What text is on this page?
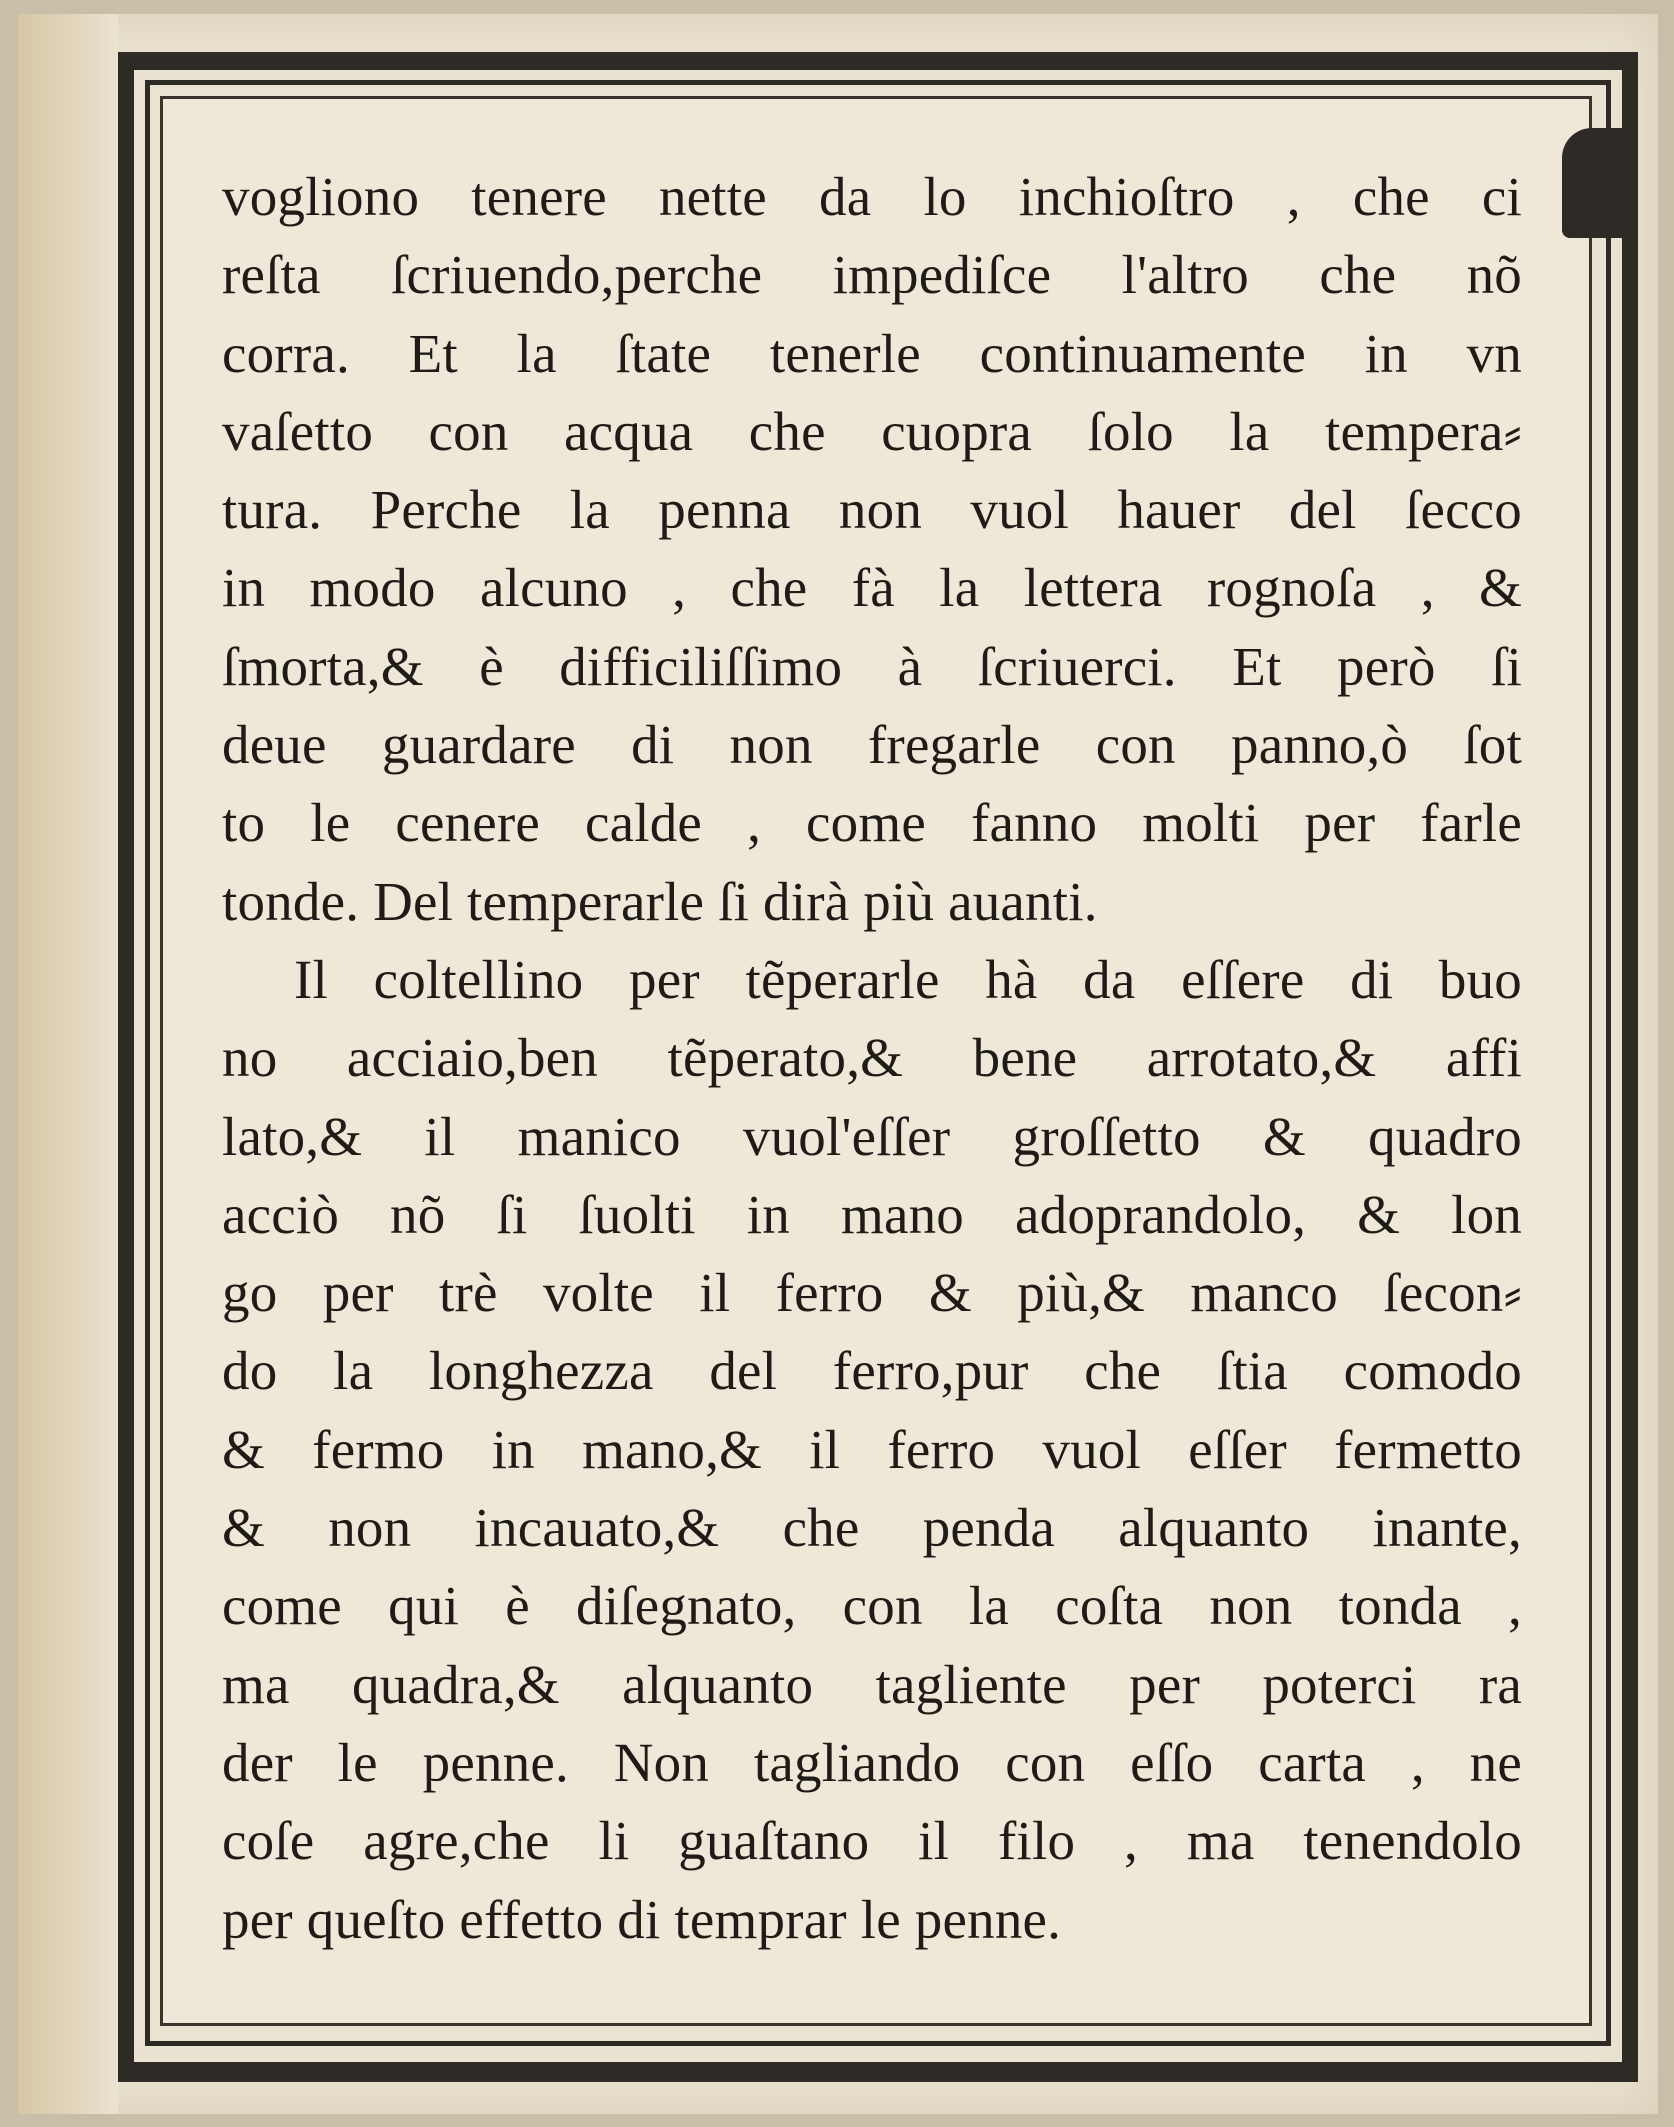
vogliono tenere nette da lo inchioſtro , che ci
reſta ſcriuendo,perche impediſce l'altro che nõ
corra. Et la ſtate tenerle continuamente in vn
vaſetto con acqua che cuopra ſolo la tempera⸗
tura. Perche la penna non vuol hauer del ſecco
in modo alcuno , che fà la lettera rognoſa , &
ſmorta,& è difficiliſſimo à ſcriuerci. Et però ſi
deue guardare di non fregarle con panno,ò ſot
to le cenere calde , come fanno molti per farle
tonde. Del temperarle ſi dirà più auanti.
Il coltellino per tẽperarle hà da eſſere di buo
no acciaio,ben tẽperato,& bene arrotato,& affi
lato,& il manico vuol'eſſer groſſetto & quadro
acciò nõ ſi ſuolti in mano adoprandolo, & lon
go per trè volte il ferro & più,& manco ſecon⸗
do la longhezza del ferro,pur che ſtia comodo
& fermo in mano,& il ferro vuol eſſer fermetto
& non incauato,& che penda alquanto inante,
come qui è diſegnato, con la coſta non tonda ,
ma quadra,& alquanto tagliente per poterci ra
der le penne. Non tagliando con eſſo carta , ne
coſe agre,che li guaſtano il filo , ma tenendolo
per queſto effetto di temprar le penne.
